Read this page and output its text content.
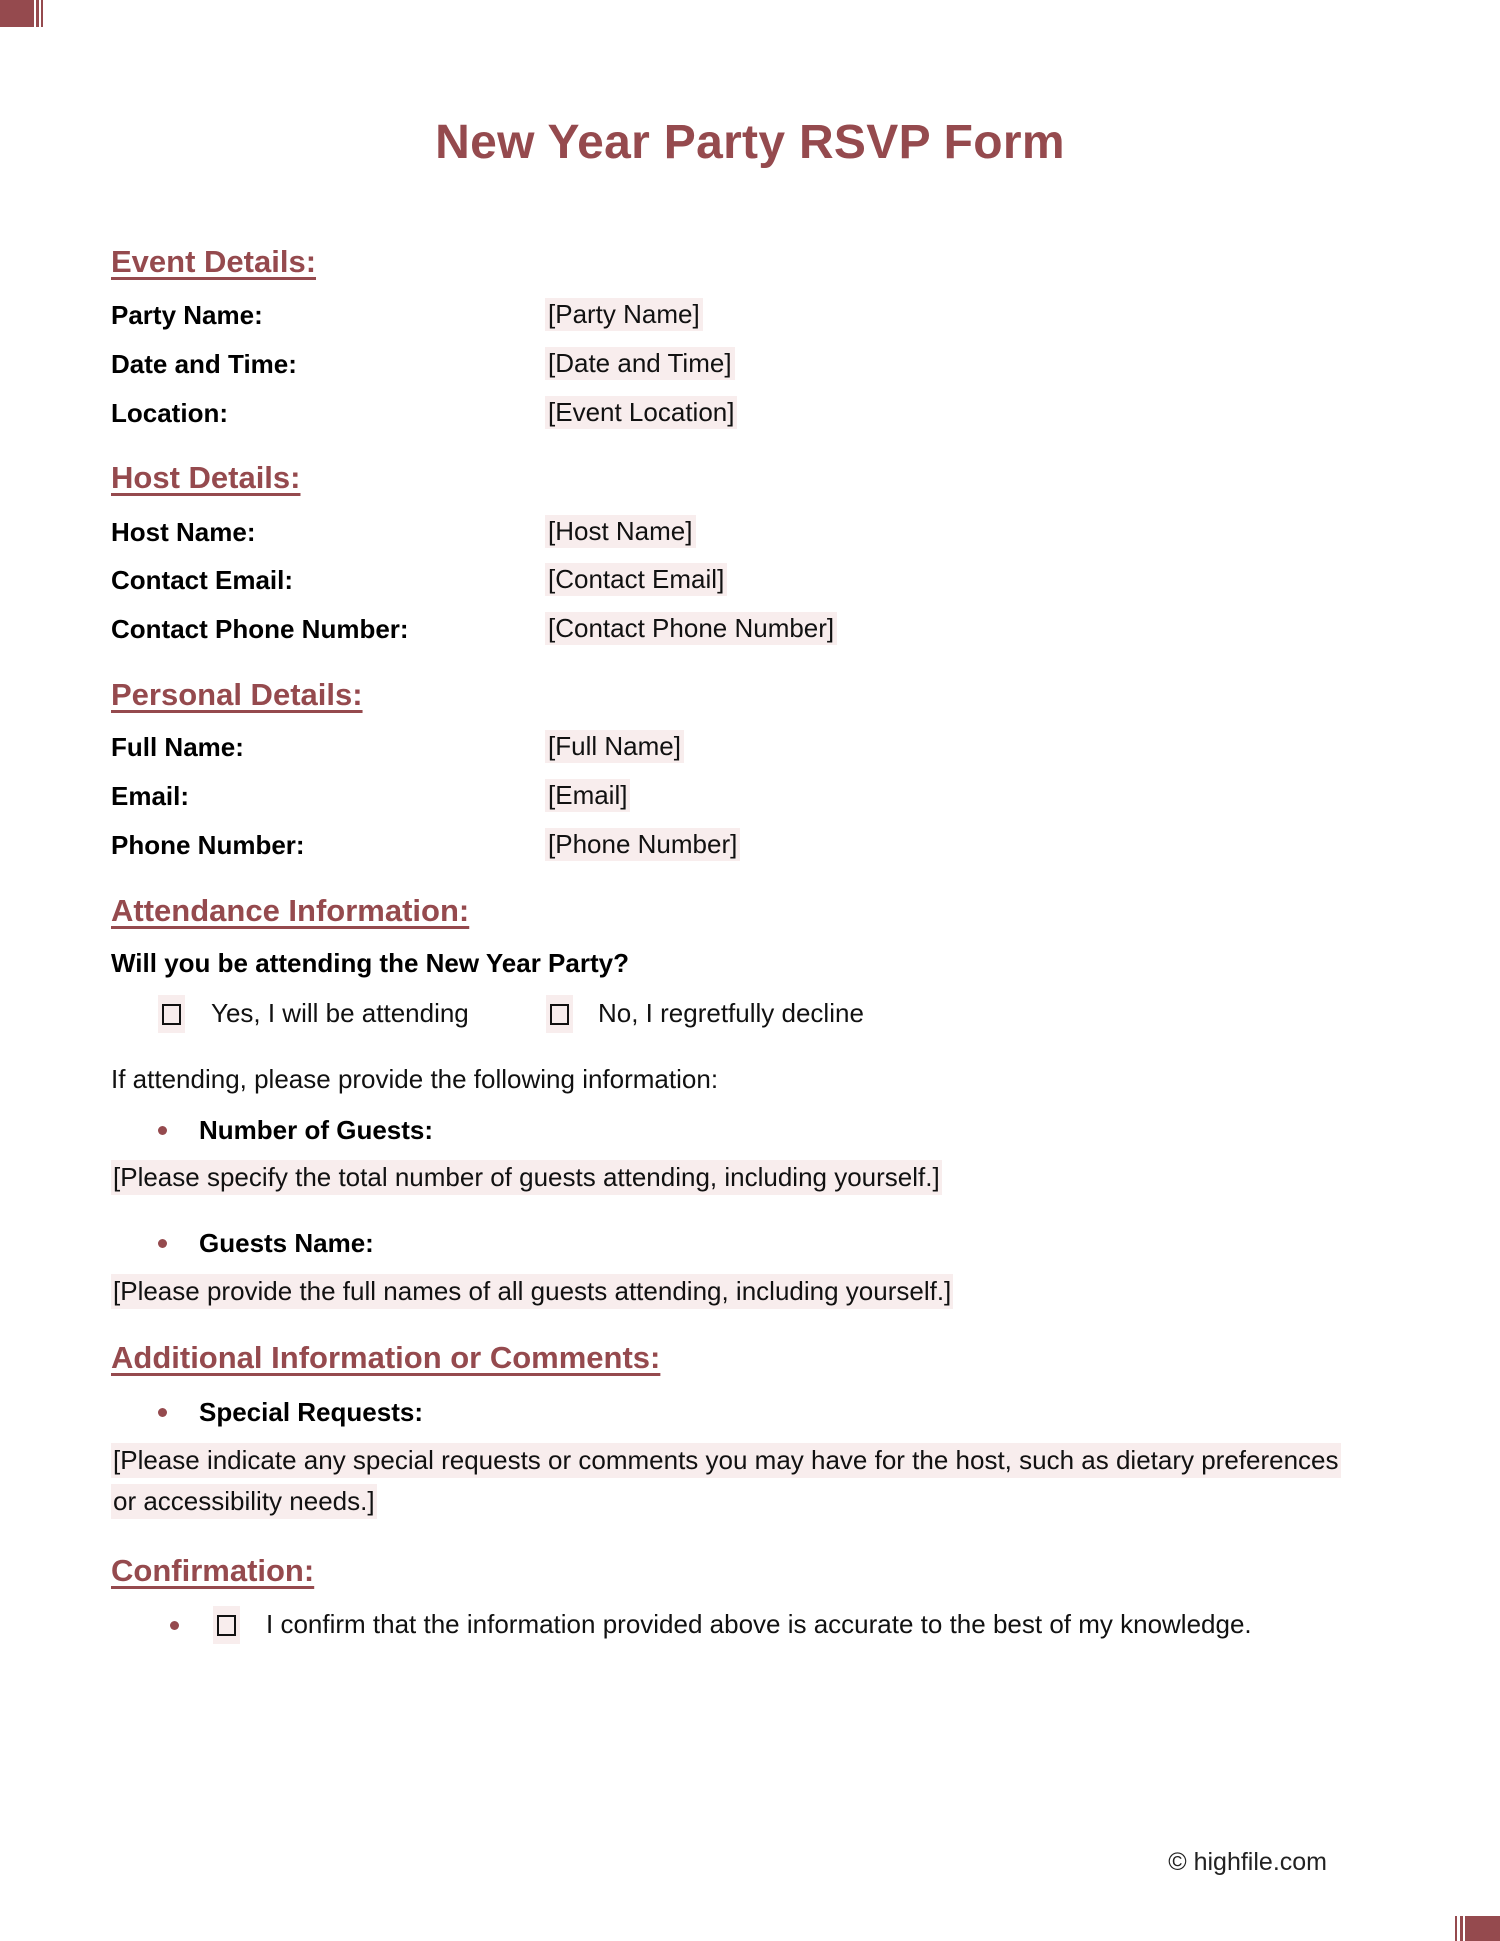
New Year Party RSVP Form
Event Details:
Party Name:	[Party Name]
Date and Time:	[Date and Time]
Location:	[Event Location]
Host Details:
Host Name:	[Host Name]
Contact Email:	[Contact Email]
Contact Phone Number:	[Contact Phone Number]
Personal Details:
Full Name:	[Full Name]
Email:	[Email]
Phone Number:	[Phone Number]
Attendance Information:
Will you be attending the New Year Party?
Yes, I will be attending	No, I regretfully decline
If attending, please provide the following information:
Number of Guests:
[Please specify the total number of guests attending, including yourself.]
Guests Name:
[Please provide the full names of all guests attending, including yourself.]
Additional Information or Comments:
Special Requests:
[Please indicate any special requests or comments you may have for the host, such as dietary preferences
or accessibility needs.]
Confirmation:
I confirm that the information provided above is accurate to the best of my knowledge.
© highfile.com
